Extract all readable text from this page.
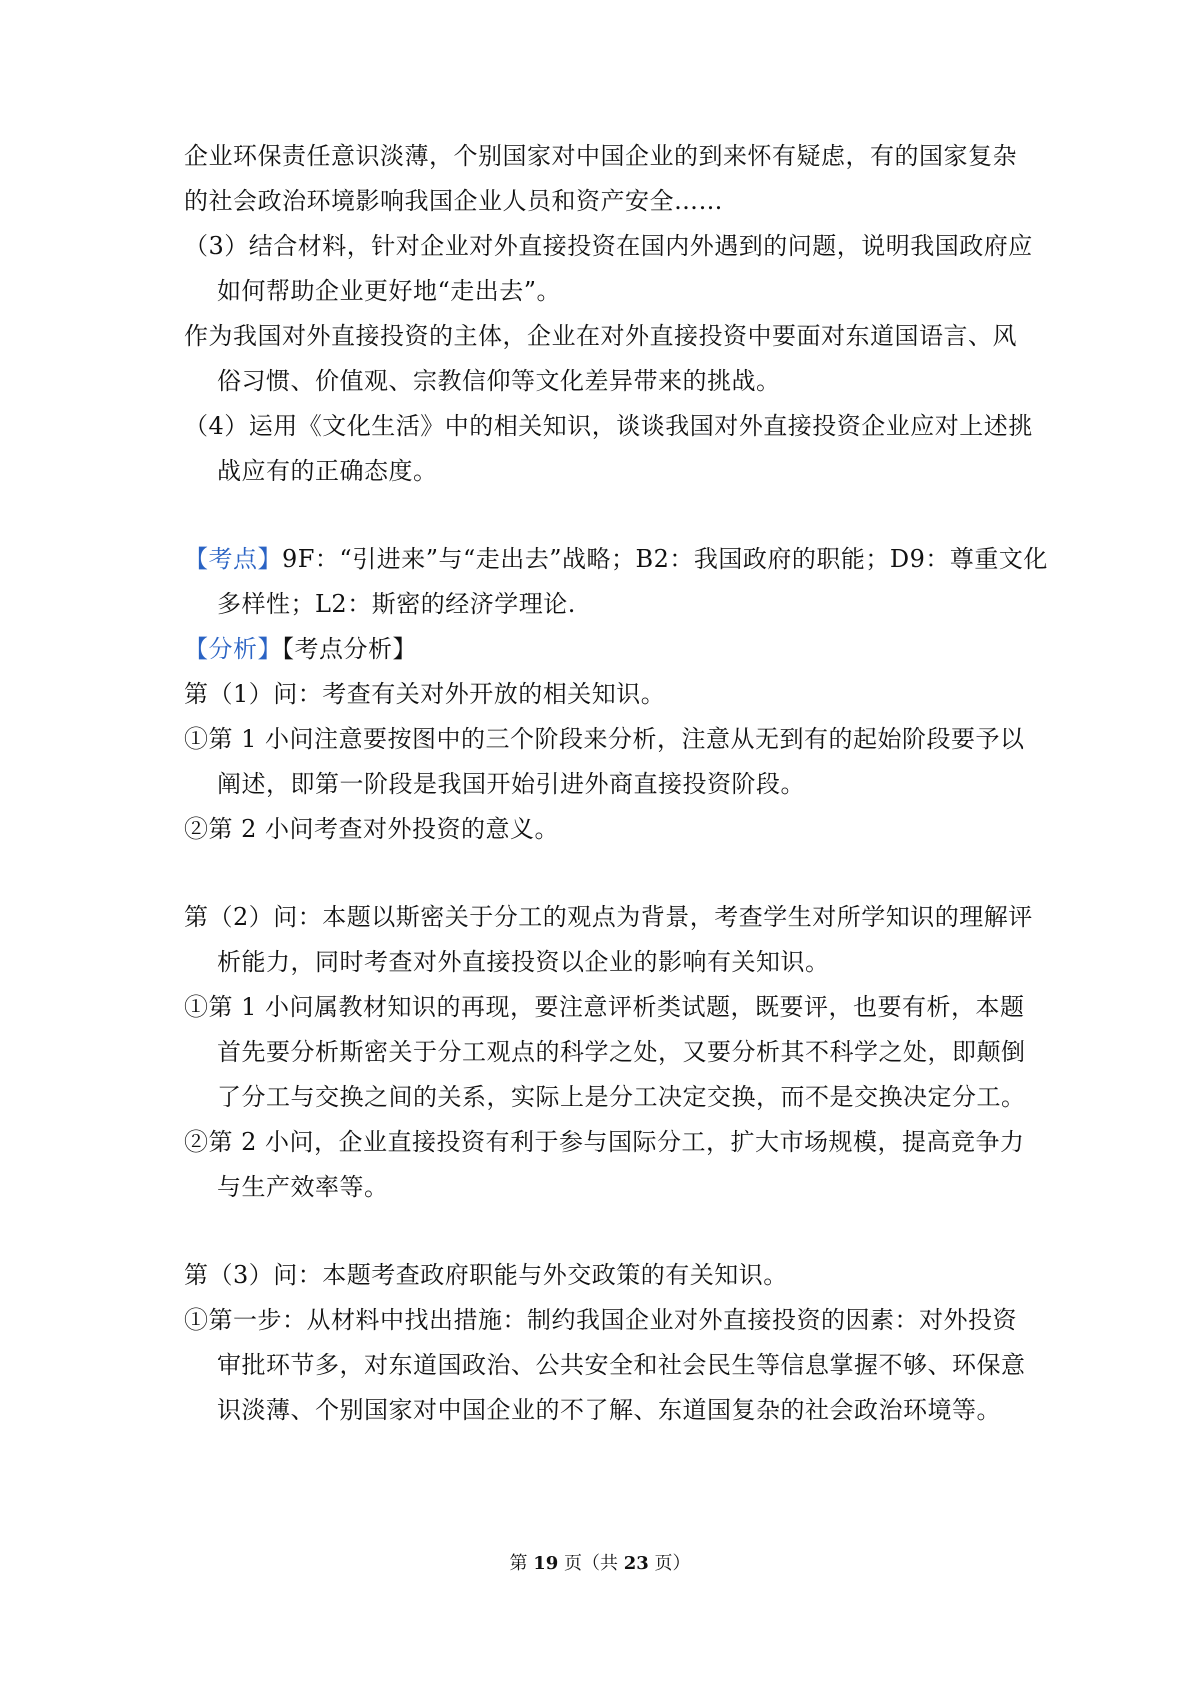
企业环保责任意识淡薄，个别国家对中国企业的到来怀有疑虑，有的国家复杂
的社会政治环境影响我国企业人员和资产安全……
（3）结合材料，针对企业对外直接投资在国内外遇到的问题，说明我国政府应
如何帮助企业更好地“走出去”。
作为我国对外直接投资的主体，企业在对外直接投资中要面对东道国语言、风
俗习惯、价值观、宗教信仰等文化差异带来的挑战。
（4）运用《文化生活》中的相关知识，谈谈我国对外直接投资企业应对上述挑
战应有的正确态度。
【考点】9F：“引进来”与“走出去”战略；B2：我国政府的职能；D9：尊重文化
多样性；L2：斯密的经济学理论.
【分析】【考点分析】
第（1）问：考查有关对外开放的相关知识。
①第 1 小问注意要按图中的三个阶段来分析，注意从无到有的起始阶段要予以
阐述，即第一阶段是我国开始引进外商直接投资阶段。
②第 2 小问考查对外投资的意义。
第（2）问：本题以斯密关于分工的观点为背景，考查学生对所学知识的理解评
析能力，同时考查对外直接投资以企业的影响有关知识。
①第 1 小问属教材知识的再现，要注意评析类试题，既要评，也要有析，本题
首先要分析斯密关于分工观点的科学之处，又要分析其不科学之处，即颠倒
了分工与交换之间的关系，实际上是分工决定交换，而不是交换决定分工。
②第 2 小问，企业直接投资有利于参与国际分工，扩大市场规模，提高竞争力
与生产效率等。
第（3）问：本题考查政府职能与外交政策的有关知识。
①第一步：从材料中找出措施：制约我国企业对外直接投资的因素：对外投资
审批环节多，对东道国政治、公共安全和社会民生等信息掌握不够、环保意
识淡薄、个别国家对中国企业的不了解、东道国复杂的社会政治环境等。
第 19 页（共 23 页）
